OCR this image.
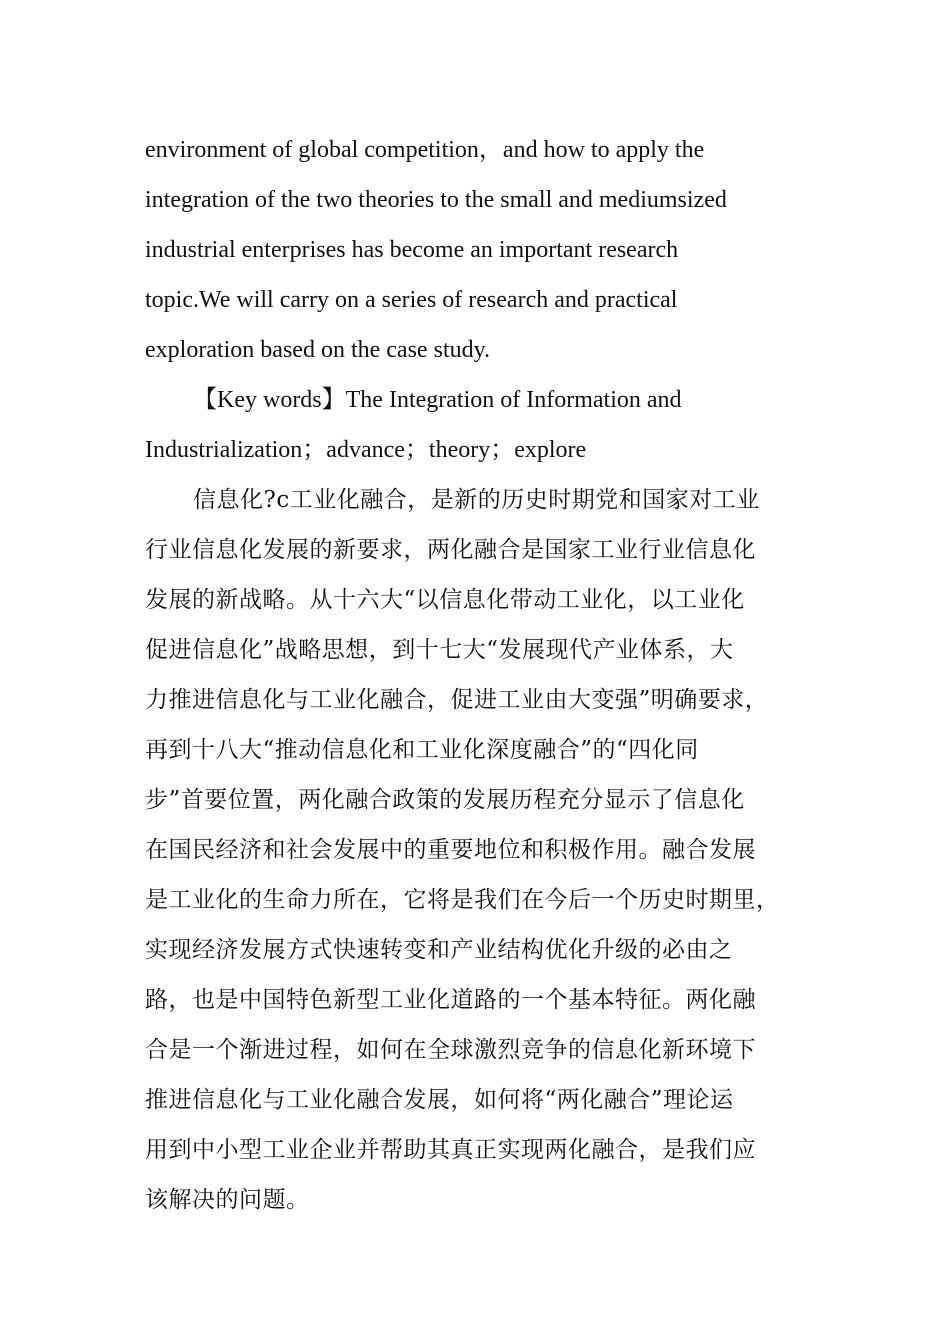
environment of global competition，and how to apply the
integration of the two theories to the small and mediumsized
industrial enterprises has become an important research
topic.We will carry on a series of research and practical
exploration based on the case study.
【Key words】The Integration of Information and
Industrialization；advance；theory；explore
信息化?c工业化融合，是新的历史时期党和国家对工业
行业信息化发展的新要求，两化融合是国家工业行业信息化
发展的新战略。从十六大“以信息化带动工业化，以工业化
促进信息化”战略思想，到十七大“发展现代产业体系，大
力推进信息化与工业化融合，促进工业由大变强”明确要求，
再到十八大“推动信息化和工业化深度融合”的“四化同
步”首要位置，两化融合政策的发展历程充分显示了信息化
在国民经济和社会发展中的重要地位和积极作用。融合发展
是工业化的生命力所在，它将是我们在今后一个历史时期里，
实现经济发展方式快速转变和产业结构优化升级的必由之
路，也是中国特色新型工业化道路的一个基本特征。两化融
合是一个渐进过程，如何在全球激烈竞争的信息化新环境下
推进信息化与工业化融合发展，如何将“两化融合”理论运
用到中小型工业企业并帮助其真正实现两化融合，是我们应
该解决的问题。
